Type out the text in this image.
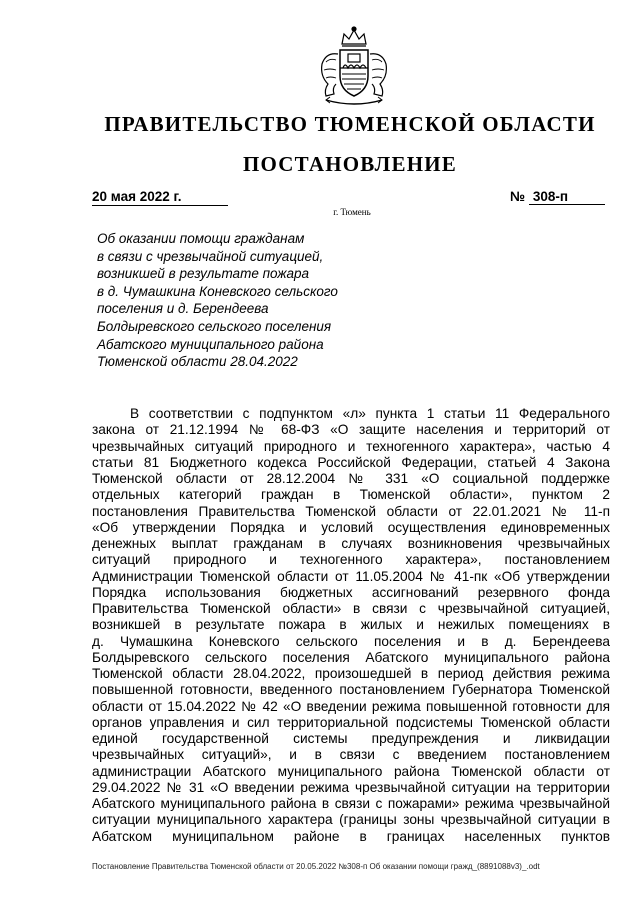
ПРАВИТЕЛЬСТВО ТЮМЕНСКОЙ ОБЛАСТИ
ПОСТАНОВЛЕНИЕ
20 мая 2022 г.	№ 308-п
г. Тюмень
Об оказании помощи гражданам
в связи с чрезвычайной ситуацией,
возникшей в результате пожара
в д. Чумашкина Коневского сельского
поселения и д. Берендеева
Болдыревского сельского поселения
Абатского муниципального района
Тюменской области 28.04.2022
В соответствии с подпунктом «л» пункта 1 статьи 11 Федерального
закона от 21.12.1994 № 68-ФЗ «О защите населения и территорий от
чрезвычайных ситуаций природного и техногенного характера», частью 4
статьи 81 Бюджетного кодекса Российской Федерации, статьей 4 Закона
Тюменской области от 28.12.2004 № 331 «О социальной поддержке
отдельных категорий граждан в Тюменской области», пунктом 2
постановления Правительства Тюменской области от 22.01.2021 № 11-п
«Об утверждении Порядка и условий осуществления единовременных
денежных выплат гражданам в случаях возникновения чрезвычайных
ситуаций природного и техногенного характера», постановлением
Администрации Тюменской области от 11.05.2004 № 41-пк «Об утверждении
Порядка использования бюджетных ассигнований резервного фонда
Правительства Тюменской области» в связи с чрезвычайной ситуацией,
возникшей в результате пожара в жилых и нежилых помещениях в
д. Чумашкина Коневского сельского поселения и в д. Берендеева
Болдыревского сельского поселения Абатского муниципального района
Тюменской области 28.04.2022, произошедшей в период действия режима
повышенной готовности, введенного постановлением Губернатора Тюменской
области от 15.04.2022 № 42 «О введении режима повышенной готовности для
органов управления и сил территориальной подсистемы Тюменской области
единой государственной системы предупреждения и ликвидации
чрезвычайных ситуаций», и в связи с введением постановлением
администрации Абатского муниципального района Тюменской области от
29.04.2022 № 31 «О введении режима чрезвычайной ситуации на территории
Абатского муниципального района в связи с пожарами» режима чрезвычайной
ситуации муниципального характера (границы зоны чрезвычайной ситуации в
Абатском муниципальном районе в границах населенных пунктов
Постановление Правительства Тюменской области от 20.05.2022 №308-п Об оказании помощи гражд_(8891088v3)_.odt
